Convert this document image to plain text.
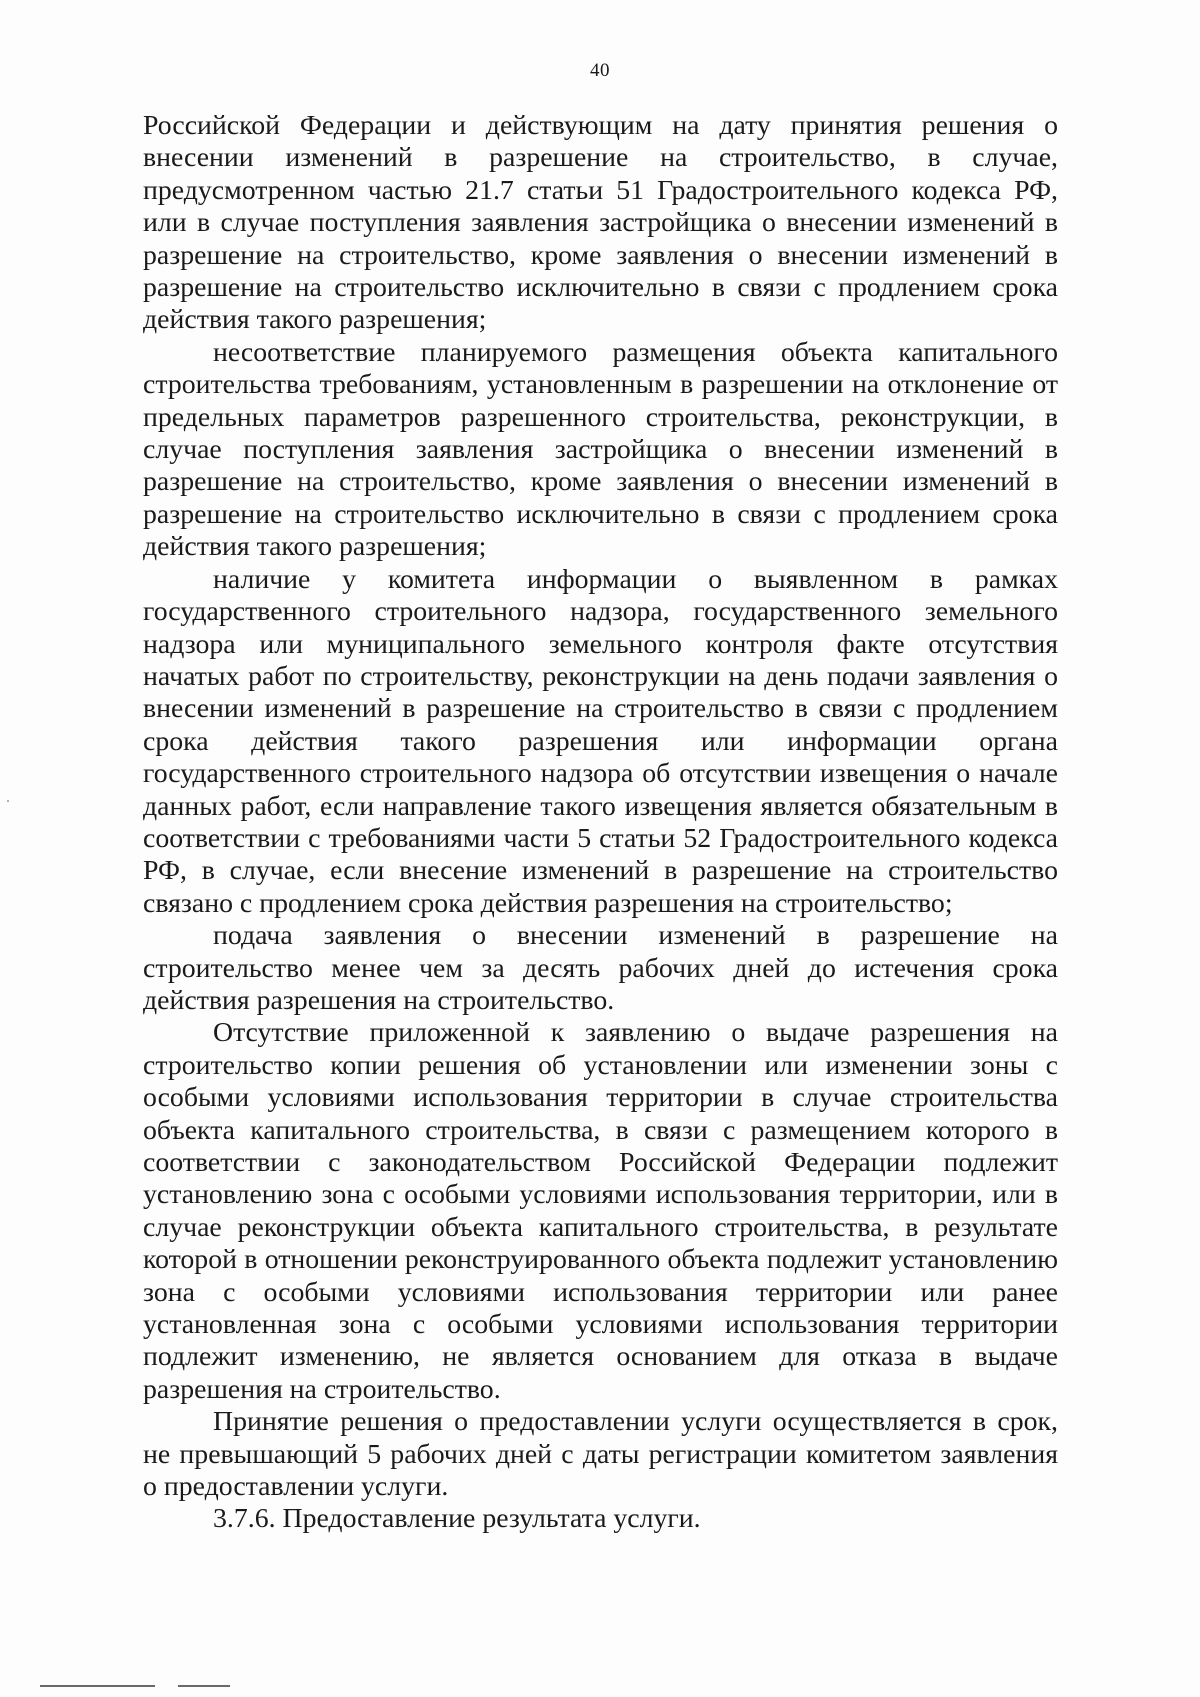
40

Российской Федерации и действующим на дату принятия решения о внесении изменений в разрешение на строительство, в случае, предусмотренном частью 21.7 статьи 51 Градостроительного кодекса РФ, или в случае поступления заявления застройщика о внесении изменений в разрешение на строительство, кроме заявления о внесении изменений в разрешение на строительство исключительно в связи с продлением срока действия такого разрешения;

несоответствие планируемого размещения объекта капитального строительства требованиям, установленным в разрешении на отклонение от предельных параметров разрешенного строительства, реконструкции, в случае поступления заявления застройщика о внесении изменений в разрешение на строительство, кроме заявления о внесении изменений в разрешение на строительство исключительно в связи с продлением срока действия такого разрешения;

наличие у комитета информации о выявленном в рамках государственного строительного надзора, государственного земельного надзора или муниципального земельного контроля факте отсутствия начатых работ по строительству, реконструкции на день подачи заявления о внесении изменений в разрешение на строительство в связи с продлением срока действия такого разрешения или информации органа государственного строительного надзора об отсутствии извещения о начале данных работ, если направление такого извещения является обязательным в соответствии с требованиями части 5 статьи 52 Градостроительного кодекса РФ, в случае, если внесение изменений в разрешение на строительство связано с продлением срока действия разрешения на строительство;

подача заявления о внесении изменений в разрешение на строительство менее чем за десять рабочих дней до истечения срока действия разрешения на строительство.

Отсутствие приложенной к заявлению о выдаче разрешения на строительство копии решения об установлении или изменении зоны с особыми условиями использования территории в случае строительства объекта капитального строительства, в связи с размещением которого в соответствии с законодательством Российской Федерации подлежит установлению зона с особыми условиями использования территории, или в случае реконструкции объекта капитального строительства, в результате которой в отношении реконструированного объекта подлежит установлению зона с особыми условиями использования территории или ранее установленная зона с особыми условиями использования территории подлежит изменению, не является основанием для отказа в выдаче разрешения на строительство.

Принятие решения о предоставлении услуги осуществляется в срок, не превышающий 5 рабочих дней с даты регистрации комитетом заявления о предоставлении услуги.

3.7.6. Предоставление результата услуги.
